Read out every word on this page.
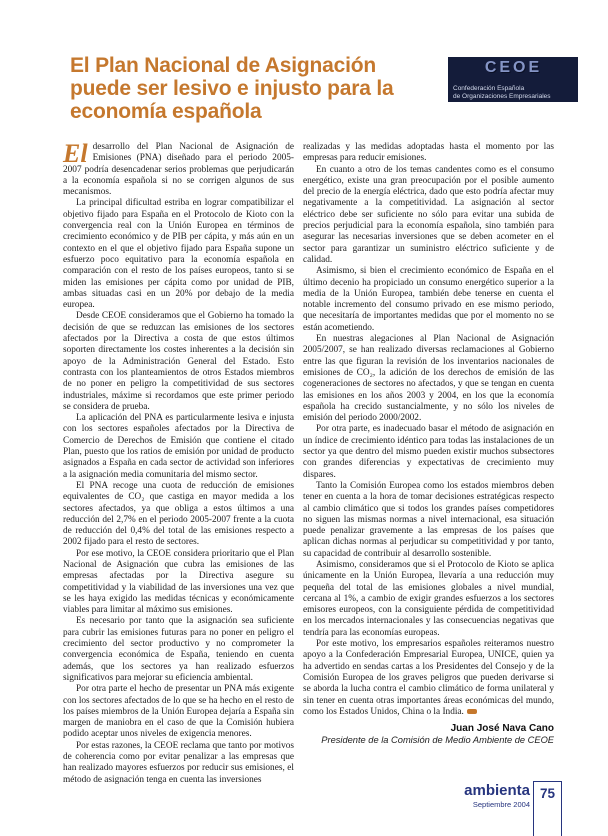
El Plan Nacional de Asignación
puede ser lesivo e injusto para la
economía española
CEOE
Confederación Española
de Organizaciones Empresariales

El desarrollo del Plan Nacional de Asignación de Emisiones (PNA) diseñado para el periodo 2005-2007 podría desencadenar serios problemas que perjudicarán a la economía española si no se corrigen algunos de sus mecanismos.

La principal dificultad estriba en lograr compatibilizar el objetivo fijado para España en el Protocolo de Kioto con la convergencia real con la Unión Europea en términos de crecimiento económico y de PIB per cápita, y más aún en un contexto en el que el objetivo fijado para España supone un esfuerzo poco equitativo para la economía española en comparación con el resto de los países europeos, tanto si se miden las emisiones per cápita como por unidad de PIB, ambas situadas casi en un 20% por debajo de la media europea.

Desde CEOE consideramos que el Gobierno ha tomado la decisión de que se reduzcan las emisiones de los sectores afectados por la Directiva a costa de que estos últimos soporten directamente los costes inherentes a la decisión sin apoyo de la Administración General del Estado. Esto contrasta con los planteamientos de otros Estados miembros de no poner en peligro la competitividad de sus sectores industriales, máxime si recordamos que este primer periodo se considera de prueba.

La aplicación del PNA es particularmente lesiva e injusta con los sectores españoles afectados por la Directiva de Comercio de Derechos de Emisión que contiene el citado Plan, puesto que los ratios de emisión por unidad de producto asignados a España en cada sector de actividad son inferiores a la asignación media comunitaria del mismo sector.

El PNA recoge una cuota de reducción de emisiones equivalentes de CO₂ que castiga en mayor medida a los sectores afectados, ya que obliga a estos últimos a una reducción del 2,7% en el periodo 2005-2007 frente a la cuota de reducción del 0,4% del total de las emisiones respecto a 2002 fijado para el resto de sectores.

Por ese motivo, la CEOE considera prioritario que el Plan Nacional de Asignación que cubra las emisiones de las empresas afectadas por la Directiva asegure su competitividad y la viabilidad de las inversiones una vez que se les haya exigido las medidas técnicas y económicamente viables para limitar al máximo sus emisiones.

Es necesario por tanto que la asignación sea suficiente para cubrir las emisiones futuras para no poner en peligro el crecimiento del sector productivo y no comprometer la convergencia económica de España, teniendo en cuenta además, que los sectores ya han realizado esfuerzos significativos para mejorar su eficiencia ambiental.

Por otra parte el hecho de presentar un PNA más exigente con los sectores afectados de lo que se ha hecho en el resto de los países miembros de la Unión Europea dejaría a España sin margen de maniobra en el caso de que la Comisión hubiera podido aceptar unos niveles de exigencia menores.

Por estas razones, la CEOE reclama que tanto por motivos de coherencia como por evitar penalizar a las empresas que han realizado mayores esfuerzos por reducir sus emisiones, el método de asignación tenga en cuenta las inversiones

realizadas y las medidas adoptadas hasta el momento por las empresas para reducir emisiones.

En cuanto a otro de los temas candentes como es el consumo energético, existe una gran preocupación por el posible aumento del precio de la energía eléctrica, dado que esto podría afectar muy negativamente a la competitividad. La asignación al sector eléctrico debe ser suficiente no sólo para evitar una subida de precios perjudicial para la economía española, sino también para asegurar las necesarias inversiones que se deben acometer en el sector para garantizar un suministro eléctrico suficiente y de calidad.

Asimismo, si bien el crecimiento económico de España en el último decenio ha propiciado un consumo energético superior a la media de la Unión Europea, también debe tenerse en cuenta el notable incremento del consumo privado en ese mismo periodo, que necesitaría de importantes medidas que por el momento no se están acometiendo.

En nuestras alegaciones al Plan Nacional de Asignación 2005/2007, se han realizado diversas reclamaciones al Gobierno entre las que figuran la revisión de los inventarios nacionales de emisiones de CO₂, la adición de los derechos de emisión de las cogeneraciones de sectores no afectados, y que se tengan en cuenta las emisiones en los años 2003 y 2004, en los que la economía española ha crecido sustancialmente, y no sólo los niveles de emisión del periodo 2000/2002.

Por otra parte, es inadecuado basar el método de asignación en un índice de crecimiento idéntico para todas las instalaciones de un sector ya que dentro del mismo pueden existir muchos subsectores con grandes diferencias y expectativas de crecimiento muy dispares.

Tanto la Comisión Europea como los estados miembros deben tener en cuenta a la hora de tomar decisiones estratégicas respecto al cambio climático que si todos los grandes países competidores no siguen las mismas normas a nivel internacional, esa situación puede penalizar gravemente a las empresas de los países que aplican dichas normas al perjudicar su competitividad y por tanto, su capacidad de contribuir al desarrollo sostenible.

Asimismo, consideramos que si el Protocolo de Kioto se aplica únicamente en la Unión Europea, llevaría a una reducción muy pequeña del total de las emisiones globales a nivel mundial, cercana al 1%, a cambio de exigir grandes esfuerzos a los sectores emisores europeos, con la consiguiente pérdida de competitividad en los mercados internacionales y las consecuencias negativas que tendría para las economías europeas.

Por este motivo, los empresarios españoles reiteramos nuestro apoyo a la Confederación Empresarial Europea, UNICE, quien ya ha advertido en sendas cartas a los Presidentes del Consejo y de la Comisión Europea de los graves peligros que pueden derivarse si se aborda la lucha contra el cambio climático de forma unilateral y sin tener en cuenta otras importantes áreas económicas del mundo, como los Estados Unidos, China o la India.

Juan José Nava Cano
Presidente de la Comisión de Medio Ambiente de CEOE
ambienta
Septiembre 2004
75
